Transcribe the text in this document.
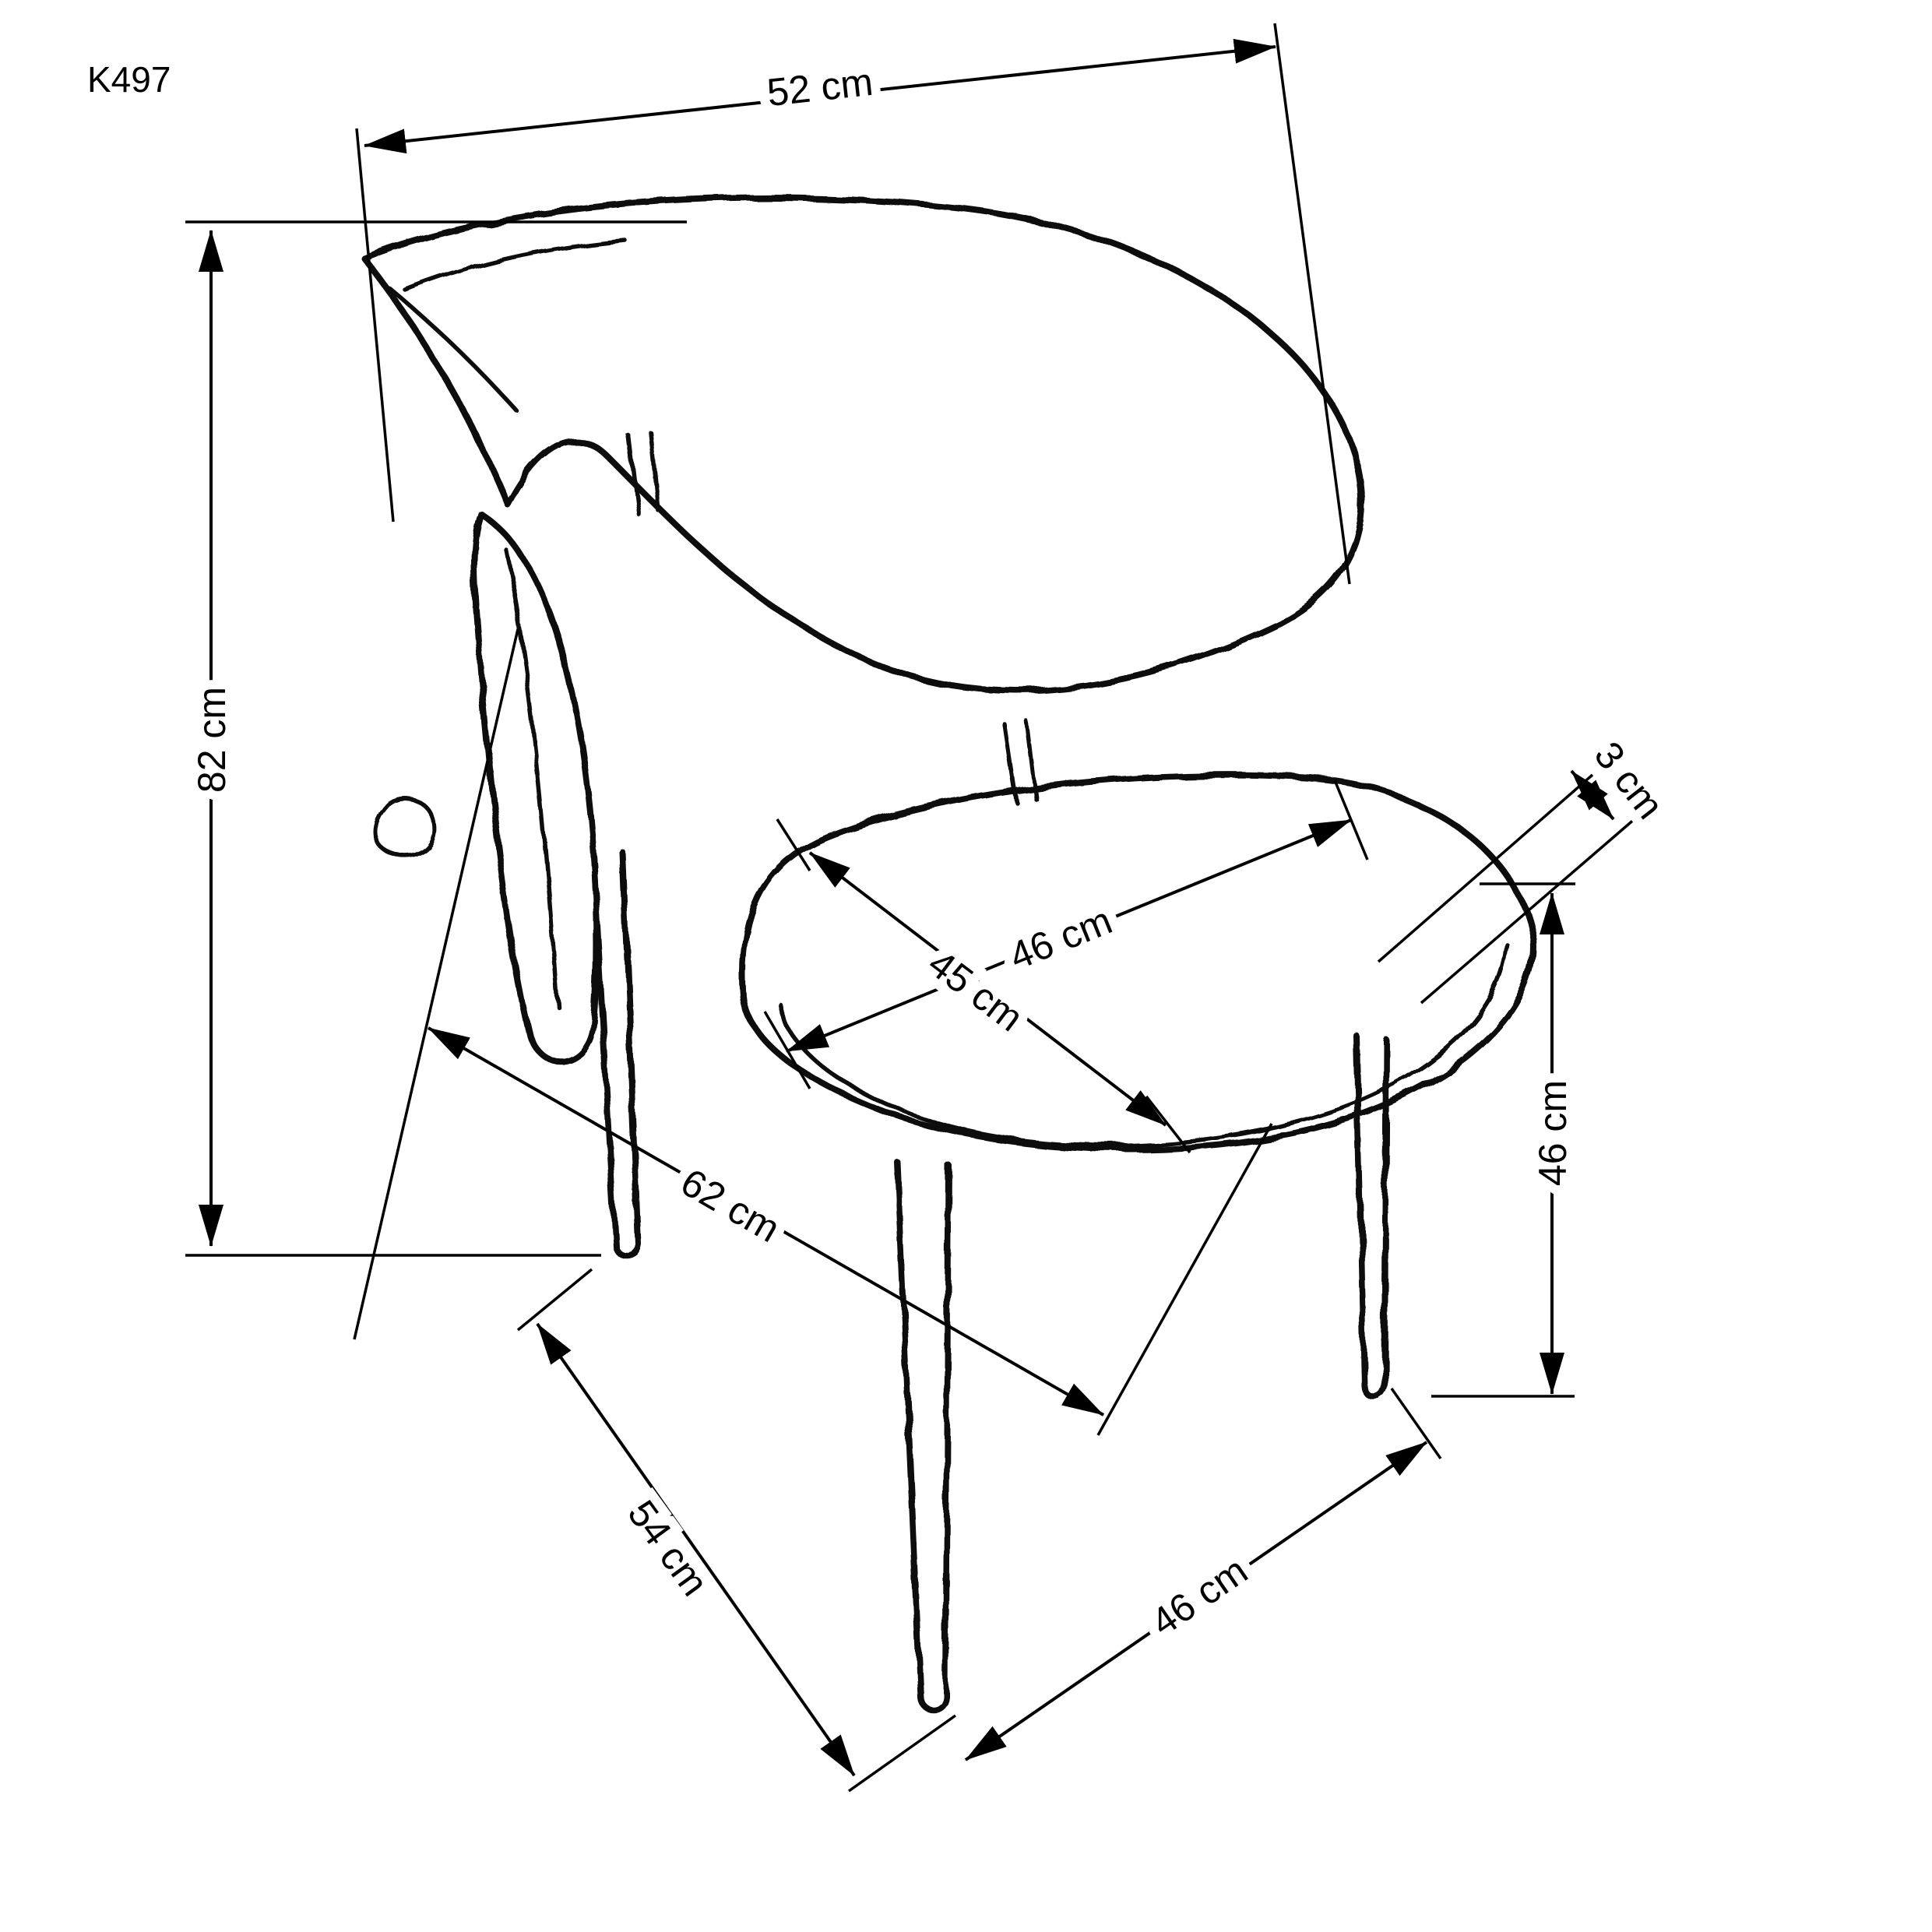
K497	52 cm
82 cm	3 cm
46 cm
45 cm
62 cm
54 cm	46 cm
46 cm
